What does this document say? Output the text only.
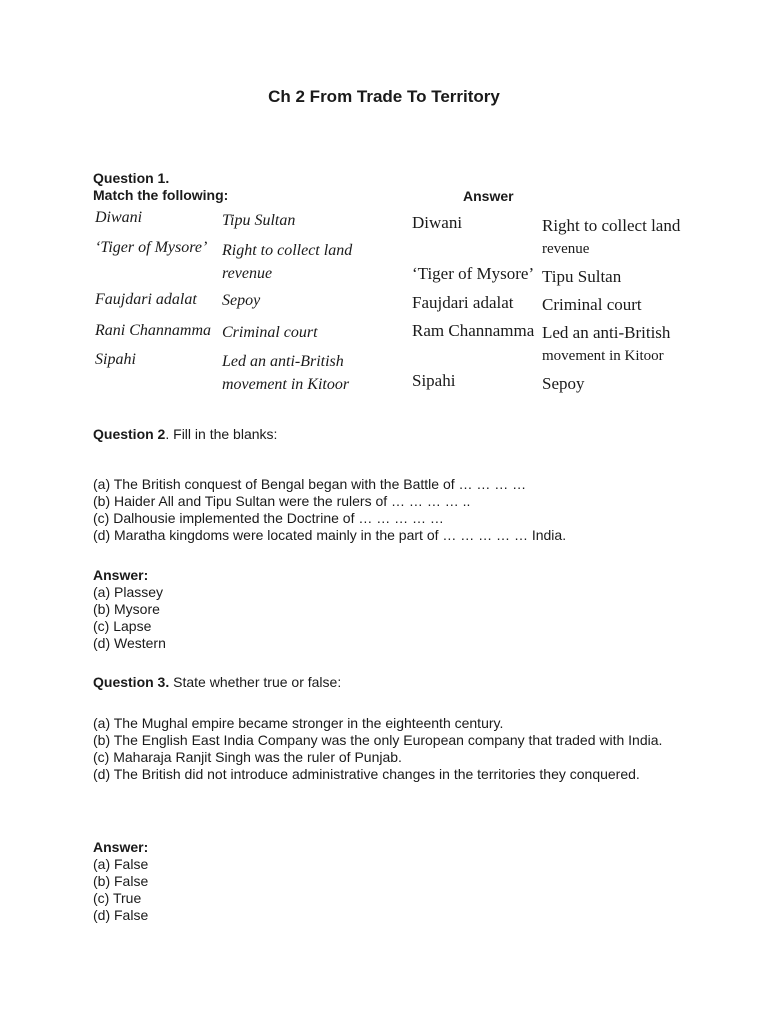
Ch 2 From Trade To Territory
Question 1.
Match the following:	Answer
Diwani
‘Tiger of Mysore’
Faujdari adalat
Rani Channamma
Sipahi
Tipu Sultan
Right to collect land
revenue
Sepoy
Criminal court
Led an anti-British
movement in Kitoor
Diwani
‘Tiger of Mysore’
Faujdari adalat
Ram Channamma
Sipahi
Right to collect land
revenue
Tipu Sultan
Criminal court
Led an anti-British
movement in Kitoor
Sepoy
Question 2. Fill in the blanks:

(a) The British conquest of Bengal began with the Battle of … … … …

(b) Haider All and Tipu Sultan were the rulers of … … … … ..

(c) Dalhousie implemented the Doctrine of … … … … …

(d) Maratha kingdoms were located mainly in the part of … … … … … India.

Answer:

(a) Plassey

(b) Mysore

(c) Lapse

(d) Western

Question 3. State whether true or false:

(a) The Mughal empire became stronger in the eighteenth century.

(b) The English East India Company was the only European company that traded with India.

(c) Maharaja Ranjit Singh was the ruler of Punjab.

(d) The British did not introduce administrative changes in the territories they conquered.

Answer:

(a) False

(b) False

(c) True

(d) False
